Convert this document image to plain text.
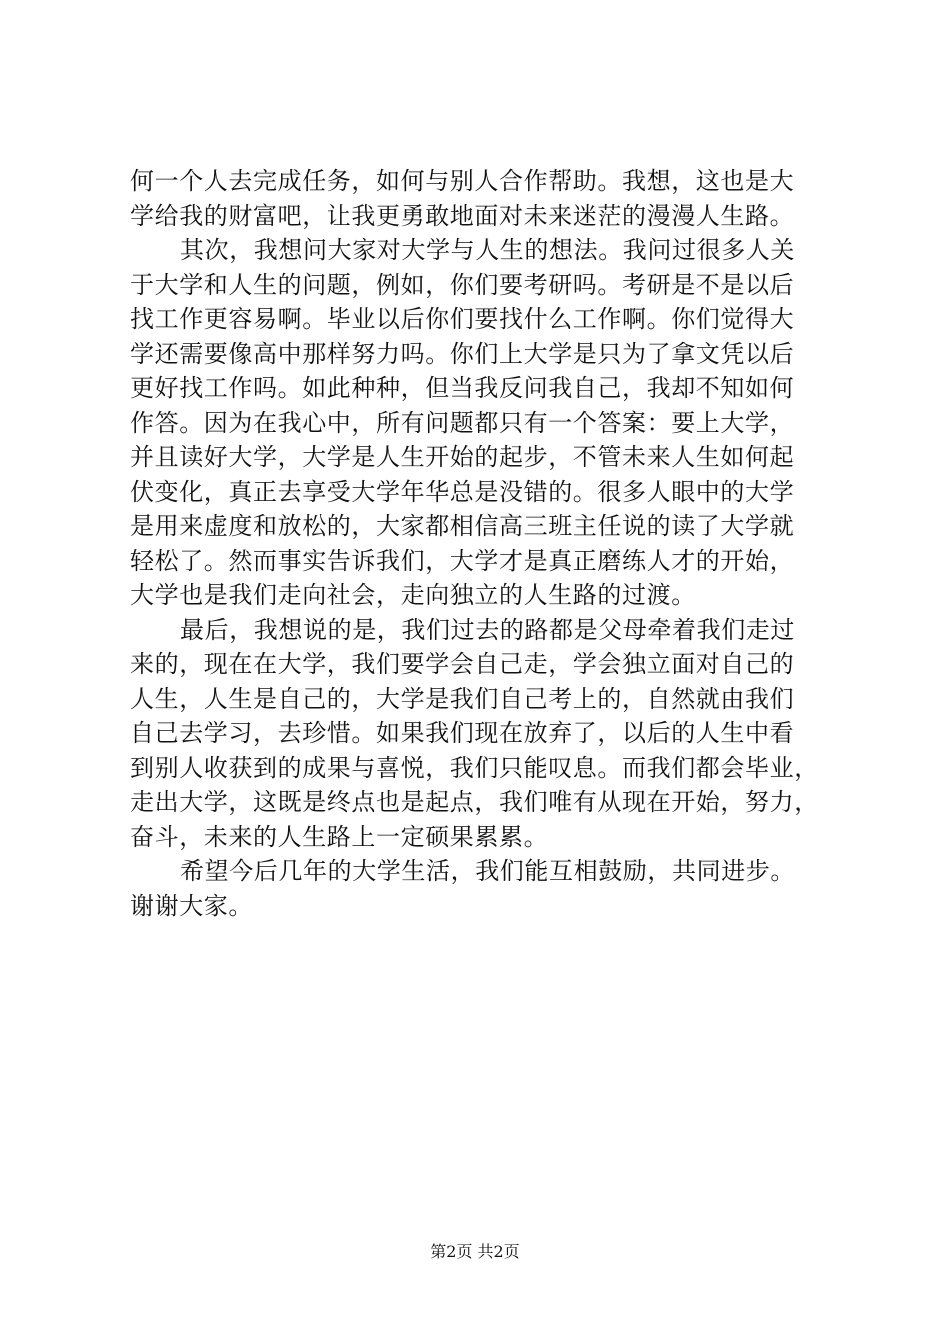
何一个人去完成任务，如何与别人合作帮助。我想，这也是大
学给我的财富吧，让我更勇敢地面对未来迷茫的漫漫人生路。
其次，我想问大家对大学与人生的想法。我问过很多人关
于大学和人生的问题，例如，你们要考研吗。考研是不是以后
找工作更容易啊。毕业以后你们要找什么工作啊。你们觉得大
学还需要像高中那样努力吗。你们上大学是只为了拿文凭以后
更好找工作吗。如此种种，但当我反问我自己，我却不知如何
作答。因为在我心中，所有问题都只有一个答案：要上大学，
并且读好大学，大学是人生开始的起步，不管未来人生如何起
伏变化，真正去享受大学年华总是没错的。很多人眼中的大学
是用来虚度和放松的，大家都相信高三班主任说的读了大学就
轻松了。然而事实告诉我们，大学才是真正磨练人才的开始，
大学也是我们走向社会，走向独立的人生路的过渡。
最后，我想说的是，我们过去的路都是父母牵着我们走过
来的，现在在大学，我们要学会自己走，学会独立面对自己的
人生，人生是自己的，大学是我们自己考上的，自然就由我们
自己去学习，去珍惜。如果我们现在放弃了，以后的人生中看
到别人收获到的成果与喜悦，我们只能叹息。而我们都会毕业，
走出大学，这既是终点也是起点，我们唯有从现在开始，努力，
奋斗，未来的人生路上一定硕果累累。
希望今后几年的大学生活，我们能互相鼓励，共同进步。
谢谢大家。
第2页 共2页
